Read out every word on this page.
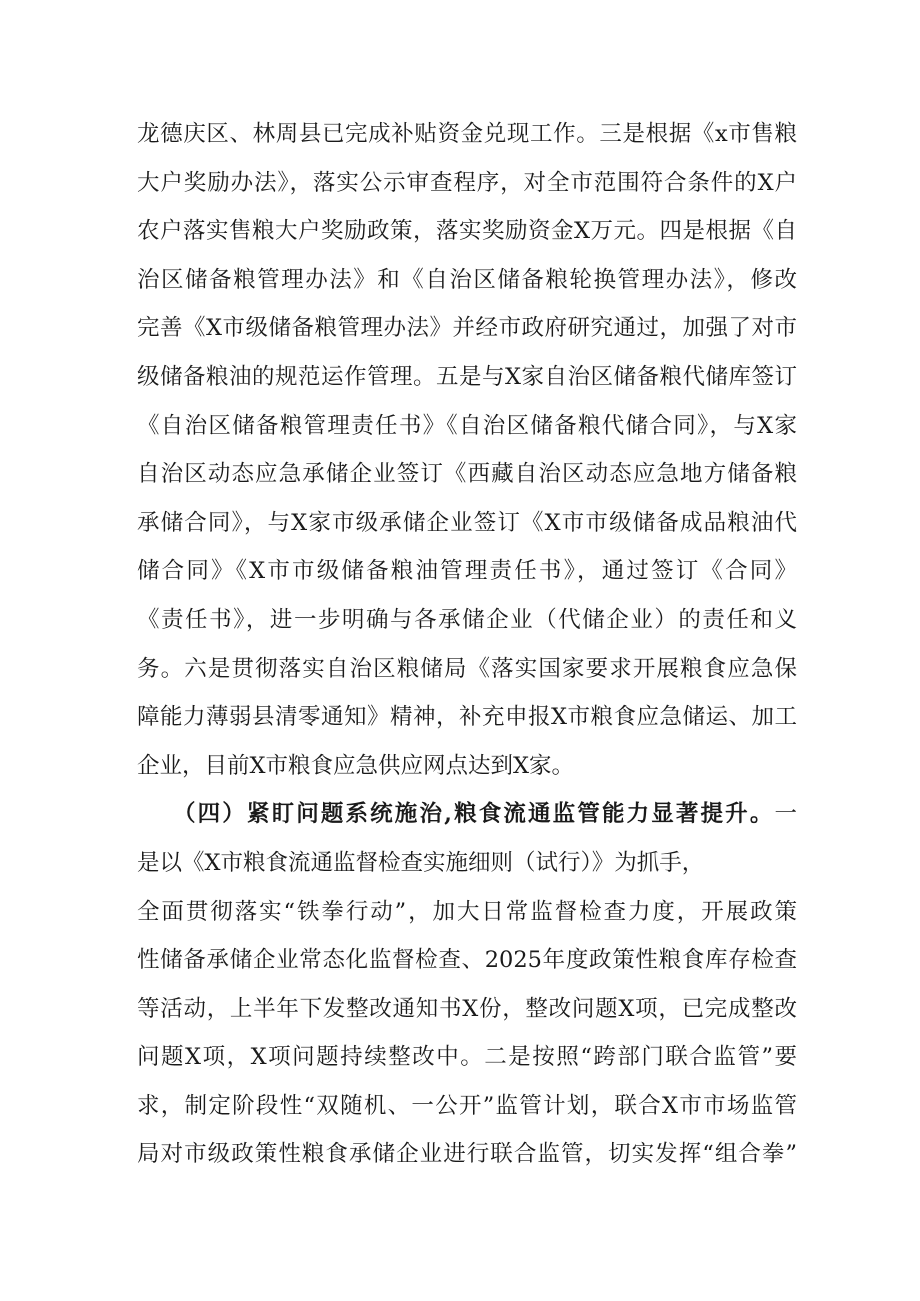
龙德庆区、林周县已完成补贴资金兑现工作。三是根据《x市售粮
大户奖励办法》，落实公示审查程序，对全市范围符合条件的X户
农户落实售粮大户奖励政策，落实奖励资金X万元。四是根据《自
治区储备粮管理办法》和《自治区储备粮轮换管理办法》，修改
完善《X市级储备粮管理办法》并经市政府研究通过，加强了对市
级储备粮油的规范运作管理。五是与X家自治区储备粮代储库签订
《自治区储备粮管理责任书》《自治区储备粮代储合同》，与X家
自治区动态应急承储企业签订《西藏自治区动态应急地方储备粮
承储合同》，与X家市级承储企业签订《X市市级储备成品粮油代
储合同》《X市市级储备粮油管理责任书》，通过签订《合同》
《责任书》，进一步明确与各承储企业（代储企业）的责任和义
务。六是贯彻落实自治区粮储局《落实国家要求开展粮食应急保
障能力薄弱县清零通知》精神，补充申报X市粮食应急储运、加工
企业，目前X市粮食应急供应网点达到X家。
（四）紧盯问题系统施治,粮食流通监管能力显著提升。一
是以《X市粮食流通监督检查实施细则（试行）》为抓手，
全面贯彻落实“铁拳行动”，加大日常监督检查力度，开展政策
性储备承储企业常态化监督检查、2025年度政策性粮食库存检查
等活动，上半年下发整改通知书X份，整改问题X项，已完成整改
问题X项，X项问题持续整改中。二是按照“跨部门联合监管”要
求，制定阶段性“双随机、一公开”监管计划，联合X市市场监管
局对市级政策性粮食承储企业进行联合监管，切实发挥“组合拳”
